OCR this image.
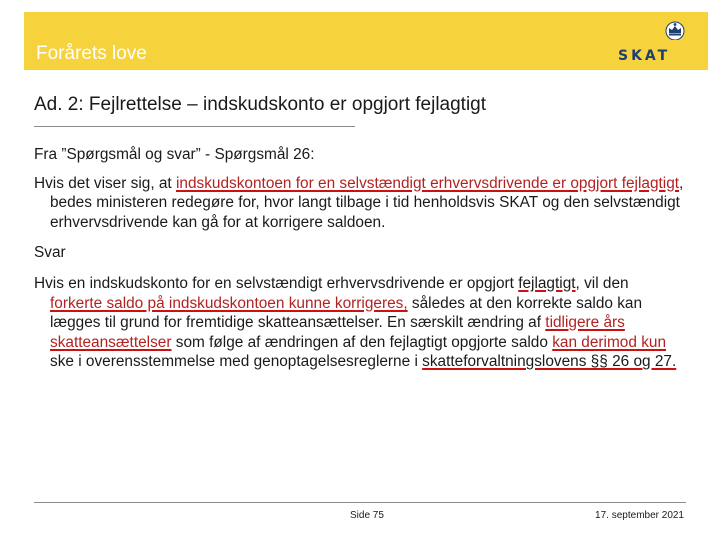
Forårets love	SKAT
Ad. 2: Fejlrettelse – indskudskonto er opgjort fejlagtigt

Fra ”Spørgsmål og svar” - Spørgsmål 26:

Hvis det viser sig, at indskudskontoen for en selvstændigt erhvervsdrivende er opgjort fejlagtigt, bedes ministeren redegøre for, hvor langt tilbage i tid henholdsvis SKAT og den selvstændigt erhvervsdrivende kan gå for at korrigere saldoen.

Svar

Hvis en indskudskonto for en selvstændigt erhvervsdrivende er opgjort fejlagtigt, vil den forkerte saldo på indskudskontoen kunne korrigeres, således at den korrekte saldo kan lægges til grund for fremtidige skatteansættelser. En særskilt ændring af tidligere års skatteansættelser som følge af ændringen af den fejlagtigt opgjorte saldo kan derimod kun ske i overensstemmelse med genoptagelsesreglerne i skatteforvaltningslovens §§ 26 og 27.

Side 75	17. september 2021
